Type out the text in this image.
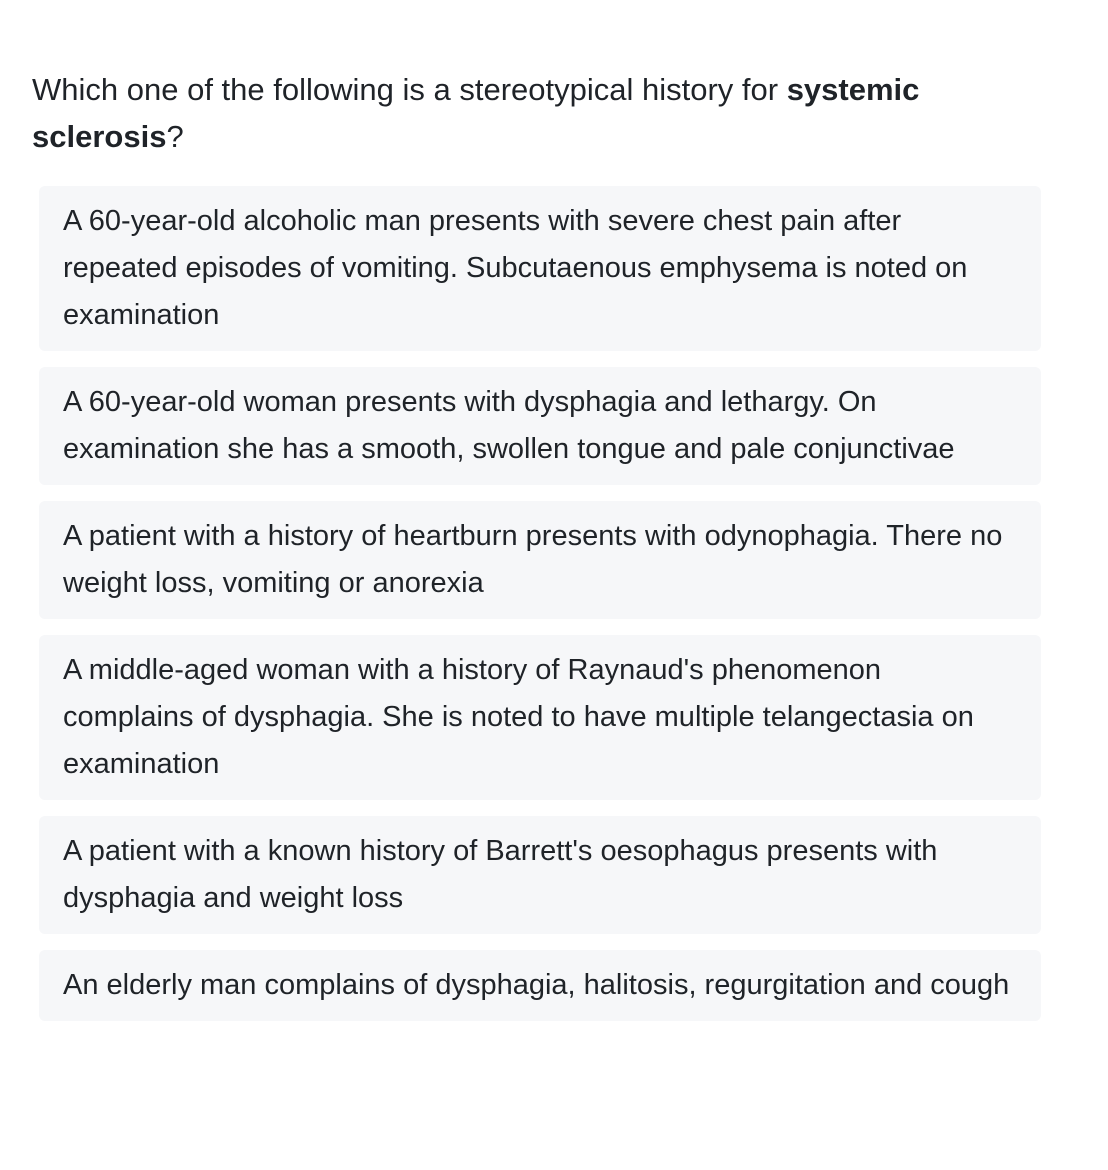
Which one of the following is a stereotypical history for systemic sclerosis?

A 60-year-old alcoholic man presents with severe chest pain after repeated episodes of vomiting. Subcutaenous emphysema is noted on examination
A 60-year-old woman presents with dysphagia and lethargy. On examination she has a smooth, swollen tongue and pale conjunctivae
A patient with a history of heartburn presents with odynophagia. There no weight loss, vomiting or anorexia
A middle-aged woman with a history of Raynaud's phenomenon complains of dysphagia. She is noted to have multiple telangectasia on examination
A patient with a known history of Barrett's oesophagus presents with dysphagia and weight loss
An elderly man complains of dysphagia, halitosis, regurgitation and cough
